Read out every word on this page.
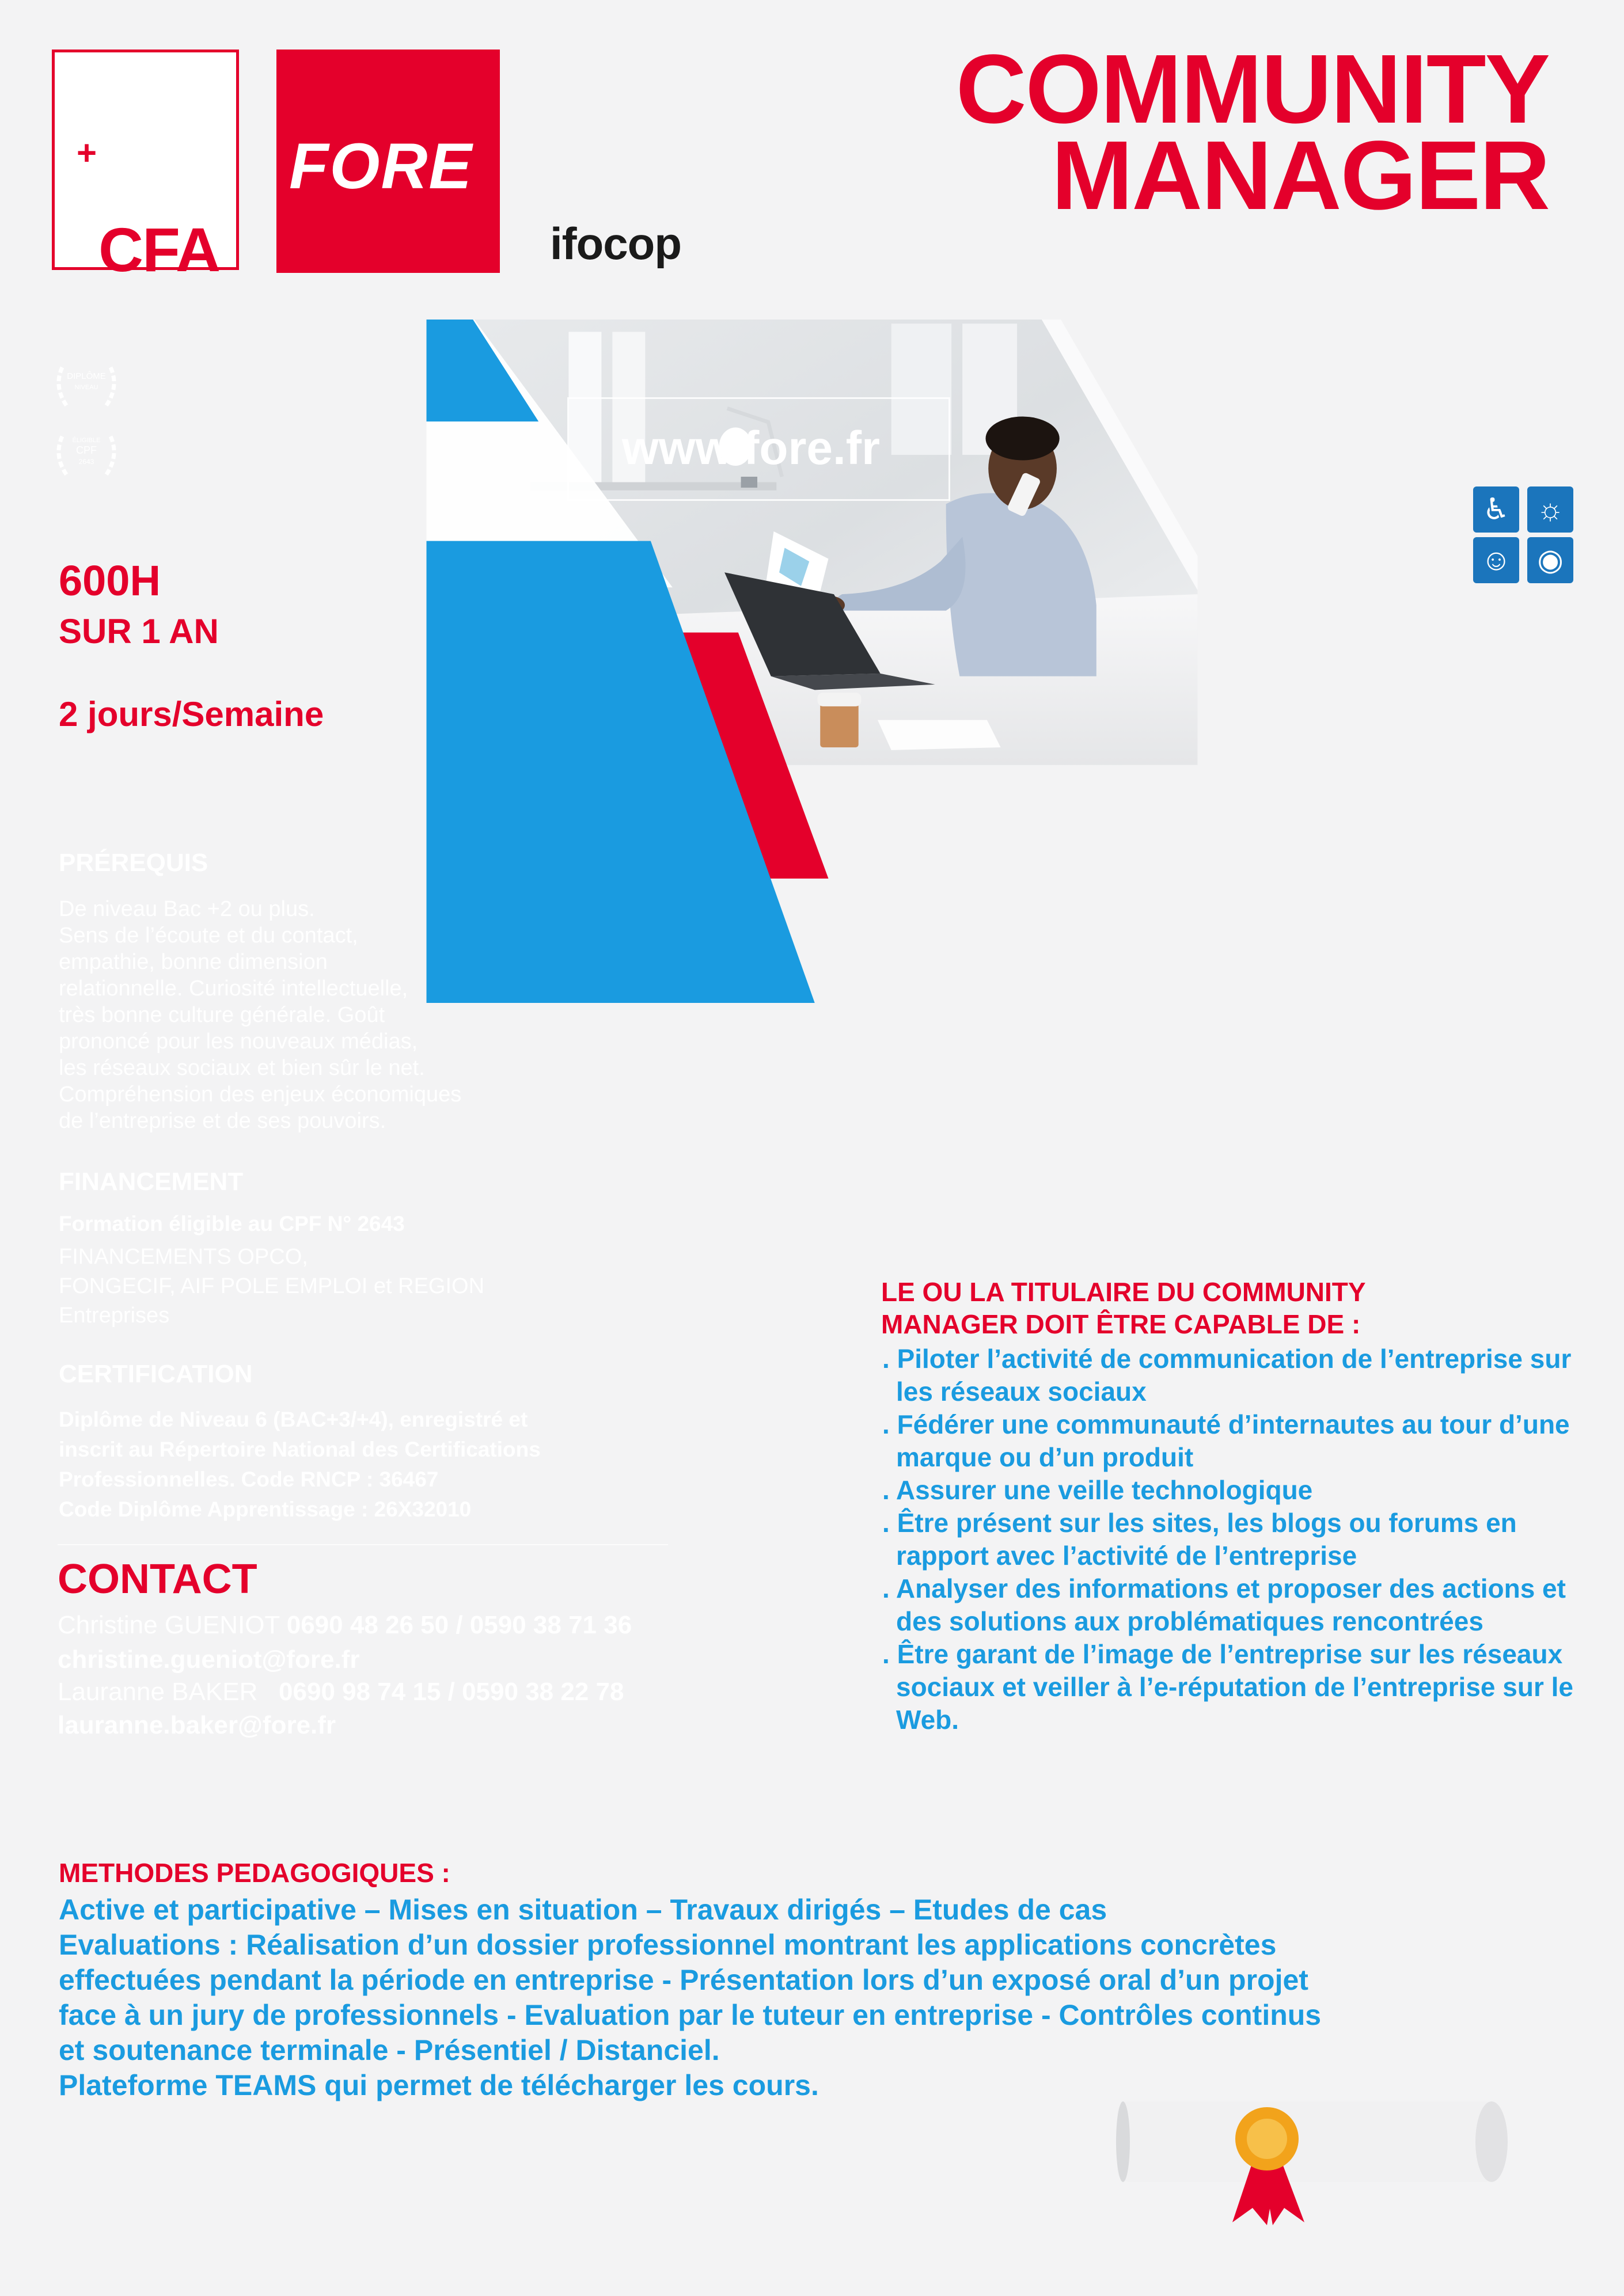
CFA
+	FORE
ifocop
COMMUNITY
MANAGER
DIPLÔME
NIVEAU
ÉLIGIBLE
CPF
2643	www.fore.fr
♿ ☼
☺ ◉
600H
SUR 1 AN
2 jours/Semaine
PRÉREQUIS
De niveau Bac +2 ou plus.
Sens de l’écoute et du contact,
empathie, bonne dimension
relationnelle. Curiosité intellectuelle,
très bonne culture générale. Goût
prononcé pour les nouveaux médias,
les réseaux sociaux et bien sûr le net.
Compréhension des enjeux économiques
de l’entreprise et de ses pouvoirs.
FINANCEMENT
Formation éligible au CPF N° 2643
FINANCEMENTS OPCO,
FONGECIF, AIF POLE EMPLOI et REGION
Entreprises
CERTIFICATION
Diplôme de Niveau 6 (BAC+3/+4), enregistré et
inscrit au Répertoire National des Certifications
Professionnelles. Code RNCP : 36467
Code Diplôme Apprentissage : 26X32010
CONTACT
Christine GUENIOT 0690 48 26 50 / 0590 38 71 36
christine.gueniot@fore.fr
Lauranne BAKER 0690 98 74 15 / 0590 38 22 78
lauranne.baker@fore.fr
LE OU LA TITULAIRE DU COMMUNITY
MANAGER DOIT ÊTRE CAPABLE DE :
. Piloter l’activité de communication de l’entreprise sur les réseaux sociaux
. Fédérer une communauté d’internautes au tour d’une marque ou d’un produit
. Assurer une veille technologique
. Être présent sur les sites, les blogs ou forums en rapport avec l’activité de l’entreprise
. Analyser des informations et proposer des actions et des solutions aux problématiques rencontrées
. Être garant de l’image de l’entreprise sur les réseaux sociaux et veiller à l’e-réputation de l’entreprise sur le Web.
METHODES PEDAGOGIQUES :
Active et participative – Mises en situation – Travaux dirigés – Etudes de cas
Evaluations : Réalisation d’un dossier professionnel montrant les applications concrètes
effectuées pendant la période en entreprise - Présentation lors d’un exposé oral d’un projet
face à un jury de professionnels - Evaluation par le tuteur en entreprise - Contrôles continus
et soutenance terminale - Présentiel / Distanciel.
Plateforme TEAMS qui permet de télécharger les cours.
